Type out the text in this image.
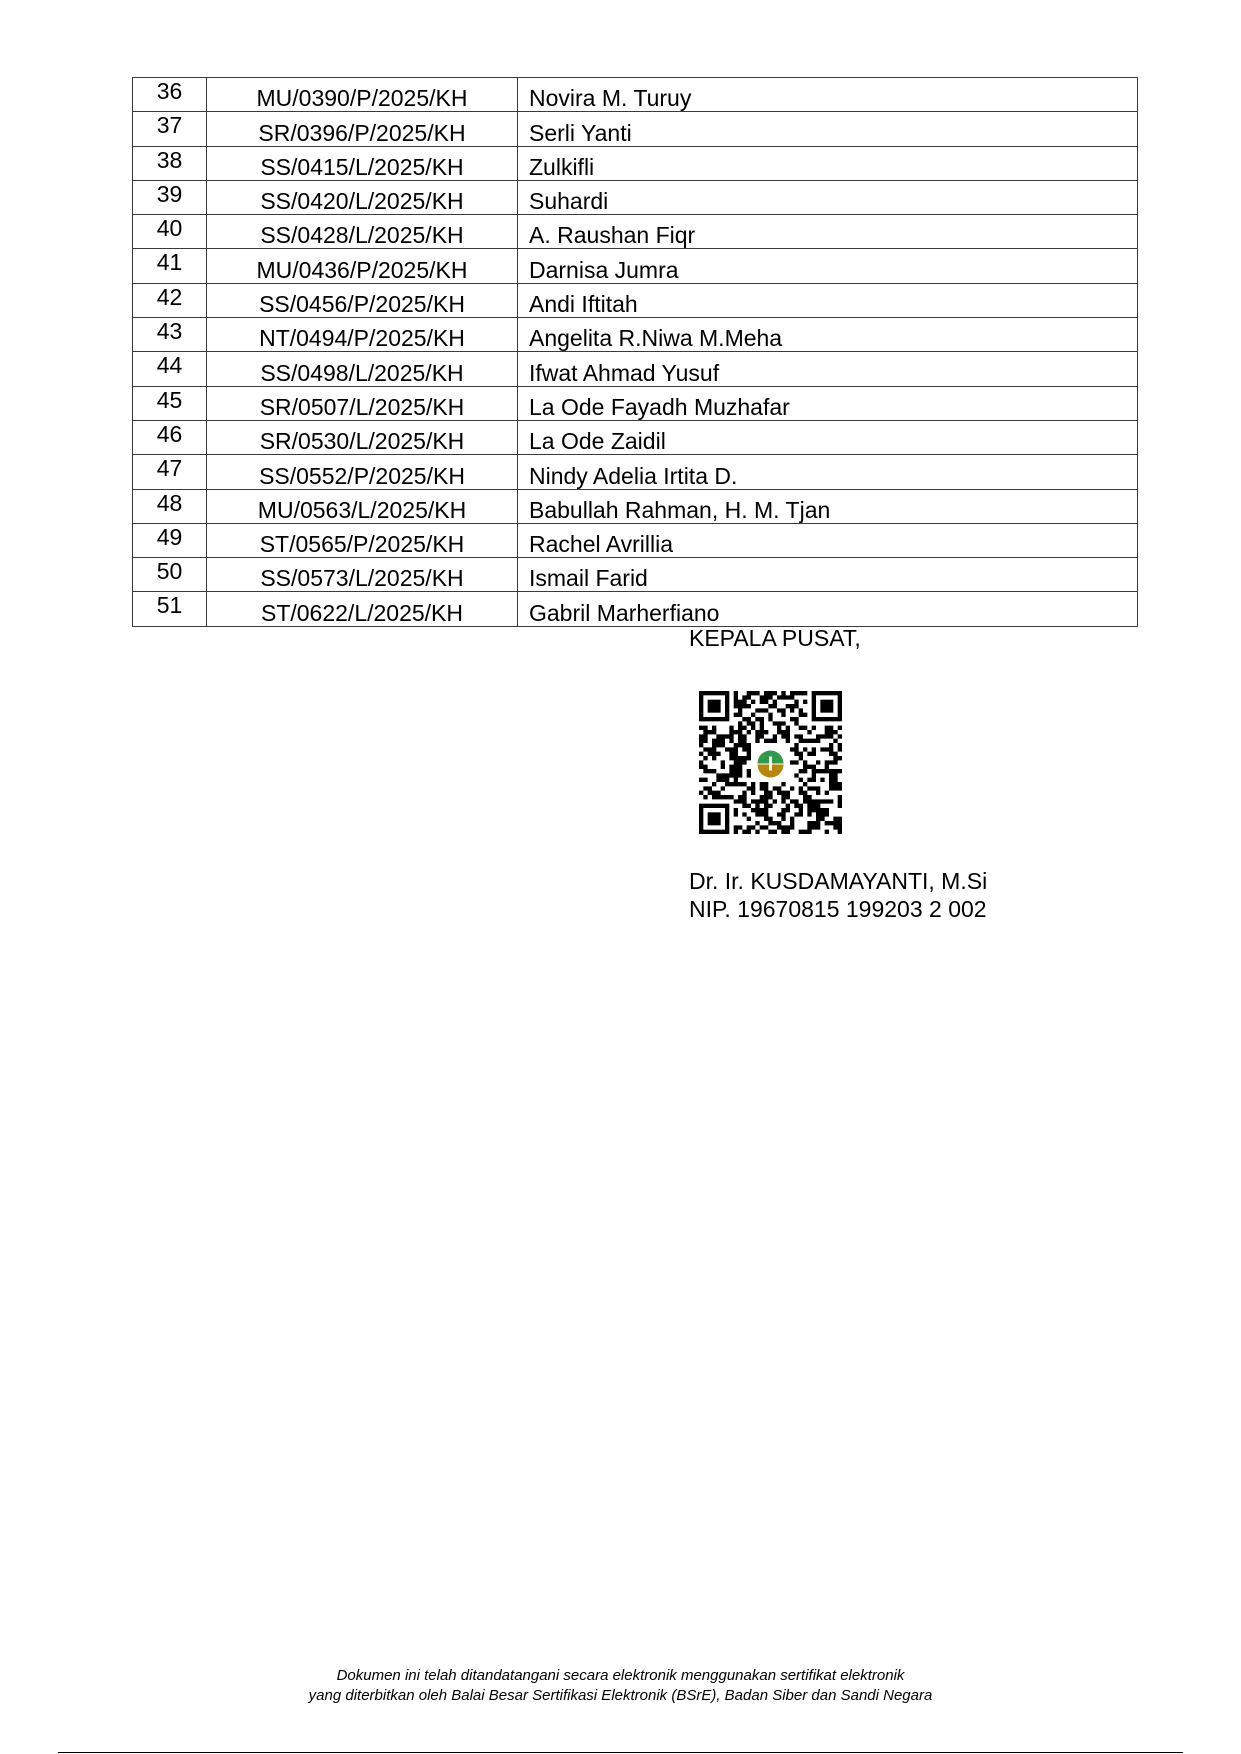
36	MU/0390/P/2025/KH	Novira M. Turuy
37	SR/0396/P/2025/KH	Serli Yanti
38	SS/0415/L/2025/KH	Zulkifli
39	SS/0420/L/2025/KH	Suhardi
40	SS/0428/L/2025/KH	A. Raushan Fiqr
41	MU/0436/P/2025/KH	Darnisa Jumra
42	SS/0456/P/2025/KH	Andi Iftitah
43	NT/0494/P/2025/KH	Angelita R.Niwa M.Meha
44	SS/0498/L/2025/KH	Ifwat Ahmad Yusuf
45	SR/0507/L/2025/KH	La Ode Fayadh Muzhafar
46	SR/0530/L/2025/KH	La Ode Zaidil
47	SS/0552/P/2025/KH	Nindy Adelia Irtita D.
48	MU/0563/L/2025/KH	Babullah Rahman, H. M. Tjan
49	ST/0565/P/2025/KH	Rachel Avrillia
50	SS/0573/L/2025/KH	Ismail Farid
51	ST/0622/L/2025/KH	Gabril Marherfiano

KEPALA PUSAT,

Dr. Ir. KUSDAMAYANTI, M.Si

NIP. 19670815 199203 2 002

Dokumen ini telah ditandatangani secara elektronik menggunakan sertifikat elektronik
yang diterbitkan oleh Balai Besar Sertifikasi Elektronik (BSrE), Badan Siber dan Sandi Negara
